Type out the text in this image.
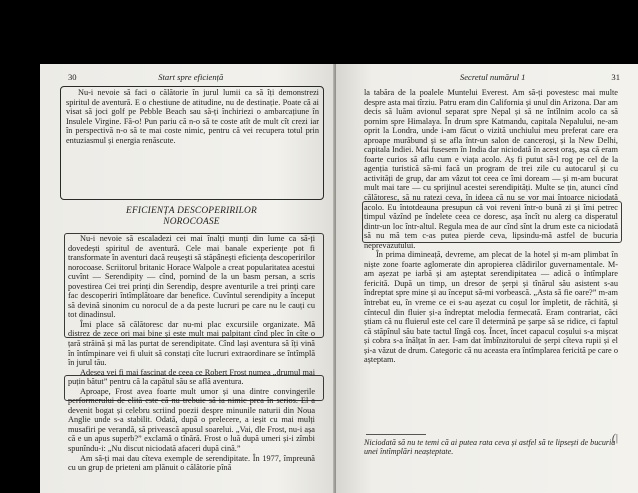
30	Start spre eficiență

Nu-i nevoie să faci o călătorie în jurul lumii ca să îți demonstrezi spiritul de aventură. E o chestiune de atitudine, nu de destinație. Poate că ai visat să joci golf pe Pebble Beach sau să-ți închiriezi o ambarcațiune în Insulele Virgine. Fă-o! Pun pariu că n-o să te coste atît de mult cît crezi iar în perspectivă n-o să te mai coste nimic, pentru că vei recupera totul prin entuziasmul și energia renăscute.

EFICIENȚA DESCOPERIRILOR
NOROCOASE

Nu-i nevoie să escaladezi cei mai înalți munți din lume ca să-ți dovedești spiritul de aventură. Cele mai banale experiențe pot fi transformate în aventuri dacă reușești să stăpânești eficiența descoperirilor norocoase. Scriitorul britanic Horace Walpole a creat popularitatea acestui cuvînt — Serendipity — cînd, pornind de la un basm persan, a scris povestirea Cei trei prinți din Serendip, despre aventurile a trei prinți care fac descoperiri întîmplătoare dar benefice. Cuvîntul serendipity a început să devină sinonim cu norocul de a da peste lucruri pe care nu le cauți cu tot dinadinsul.

Îmi place să călătoresc dar nu-mi plac excursiile organizate. Mă distrez de zece ori mai bine și este mult mai palpitant cînd plec în cîte o țară străină și mă las purtat de serendipitate. Cînd lași aventura să îți vină în întîmpinare vei fi uluit să constați cîte lucruri extraordinare se întîmplă în jurul tău.

Adesea vei fi mai fascinat de ceea ce Robert Frost numea „drumul mai puțin bătut” pentru că la capătul său se află aventura.

Aproape, Frost avea foarte mult umor și una dintre convingerile performerului de elită este că nu trebuie să ia nimic prea în serios. El a devenit bogat și celebru scriind poezii despre minunile naturii din Noua Anglie unde s-a stabilit. Odată, după o prelecere, a ieșit cu mai mulți musafiri pe verandă, să privească apusul soarelui. „Vai, dle Frost, nu-i așa că e un apus superb?” exclamă o tînără. Frost o luă după umeri și-i zîmbi spunîndu-i: „Nu discut niciodată afaceri după cină.”

Am să-ți mai dau cîteva exemple de serendipitate. În 1977, împreună cu un grup de prieteni am plănuit o călătorie pînă

Secretul numărul 1	31

la tabăra de la poalele Muntelui Everest. Am să-ți povestesc mai multe despre asta mai tîrziu. Patru eram din California și unul din Arizona. Dar am decis să luăm avionul separat spre Nepal și să ne întîlnim acolo ca să pornim spre Himalaya. În drum spre Katmandu, capitala Nepalului, ne-am oprit la Londra, unde i-am făcut o vizită unchiului meu preferat care era aproape murăbund și se afla într-un salon de canceroși, și la New Delhi, capitala Indiei. Mai fusesem în India dar niciodată în acest oraș, așa că eram foarte curios să aflu cum e viața acolo. Aș fi putut să-l rog pe cel de la agenția turistică să-mi facă un program de trei zile cu autocarul și cu activități de grup, dar am vâzut tot ceea ce îmi doream — și m-am bucurat mult mai tare — cu sprijinul acestei serendipități. Multe se țin, atunci cînd călătoresc, să nu ratezi ceva, în ideea că nu se vor mai întoarce niciodată acolo. Eu întotdeauna presupun că voi reveni într-o bună zi și îmi petrec timpul văzînd pe îndelete ceea ce doresc, așa încît nu alerg ca disperatul dintr-un loc într-altul. Regula mea de aur cînd sînt la drum este ca niciodată să nu mă tem c-as putea pierde ceva, lipsindu-mă astfel de bucuria neprevăzutului.

În prima dimineață, devreme, am plecat de la hotel și m-am plimbat în niște zone foarte aglomerate din apropierea clădirilor guvernamentale. M-am așezat pe iarbă și am așteptat serendipitatea — adică o întîmplare fericită. După un timp, un dresor de șerpi și tînărul său asistent s-au îndreptat spre mine și au început să-mi vorbească. „Asta să fie oare?” m-am întrebat eu, în vreme ce ei s-au așezat cu coșul lor împletit, de răchită, și cîntecul din fluier și-a îndreptat melodia fermecată. Eram contrariat, căci știam că nu fluierul este cel care îl determină pe șarpe să se ridice, ci faptul că stăpînul său bate tactul lîngă coș. Încet, încet capacul coșului s-a mișcat și cobra s-a înălțat în aer. I-am dat îmbînzitorului de șerpi cîteva rupii și el și-a văzut de drum. Categoric că nu aceasta era întîmplarea fericită pe care o așteptam.

Niciodată să nu te temi că ai putea rata ceva și astfel să te lipsești de bucuria unei întîmplări neașteptate.
(|
